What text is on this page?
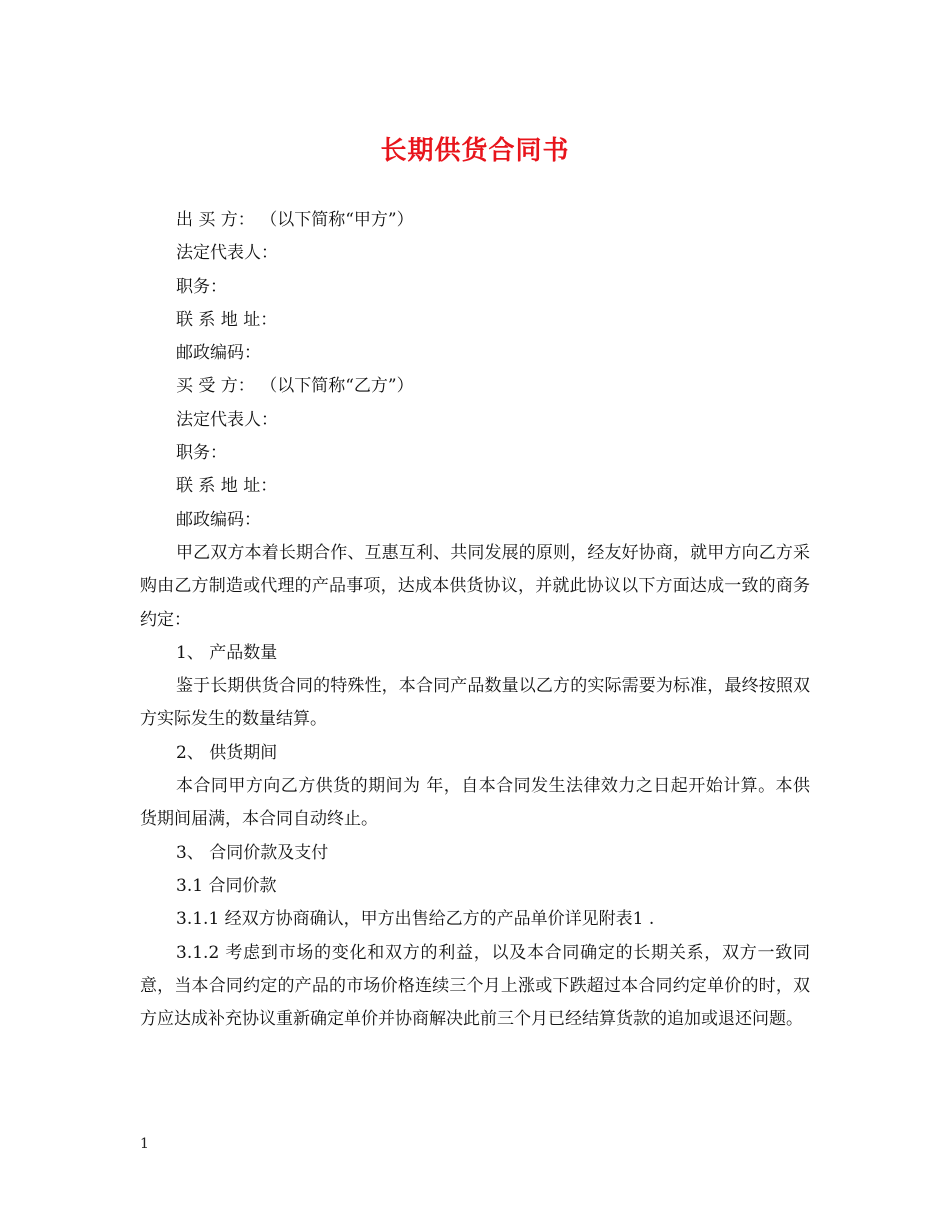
长期供货合同书
出 买 方： （以下简称“甲方”）
法定代表人：
职务：
联 系 地 址：
邮政编码：
买 受 方： （以下简称“乙方”）
法定代表人：
职务：
联 系 地 址：
邮政编码：
甲乙双方本着长期合作、互惠互利、共同发展的原则，经友好协商，就甲方向乙方采购由乙方制造或代理的产品事项，达成本供货协议，并就此协议以下方面达成一致的商务约定：
1、 产品数量
鉴于长期供货合同的特殊性，本合同产品数量以乙方的实际需要为标准，最终按照双方实际发生的数量结算。
2、 供货期间
本合同甲方向乙方供货的期间为 年，自本合同发生法律效力之日起开始计算。本供货期间届满，本合同自动终止。
3、 合同价款及支付
3.1 合同价款
3.1.1 经双方协商确认，甲方出售给乙方的产品单价详见附表1 .
3.1.2 考虑到市场的变化和双方的利益，以及本合同确定的长期关系，双方一致同意，当本合同约定的产品的市场价格连续三个月上涨或下跌超过本合同约定单价的时，双方应达成补充协议重新确定单价并协商解决此前三个月已经结算货款的追加或退还问题。
1
